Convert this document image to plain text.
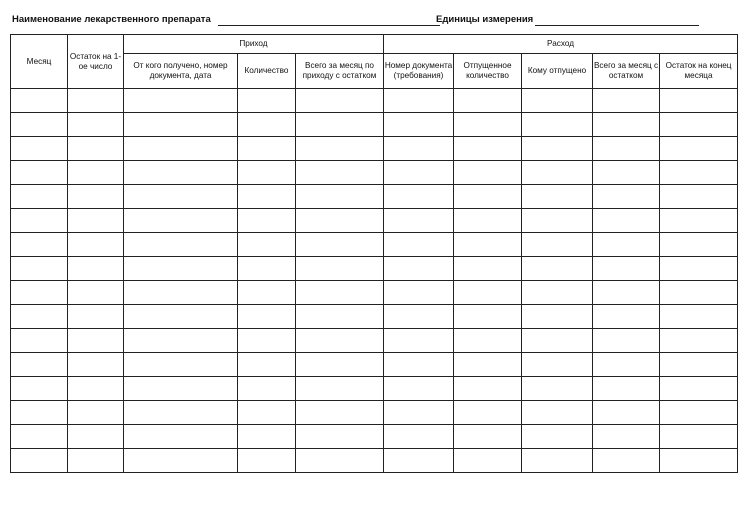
Наименование лекарственного препарата	Единицы измерения
Месяц	Остаток на 1-ое число	Приход			Расход				
		От кого получено, номер документа, дата	Количество	Всего за месяц по приходу с остатком	Номер документа (требования)	Отпущенное количество	Кому отпущено	Всего за месяц с остатком	Остаток на конец месяца
